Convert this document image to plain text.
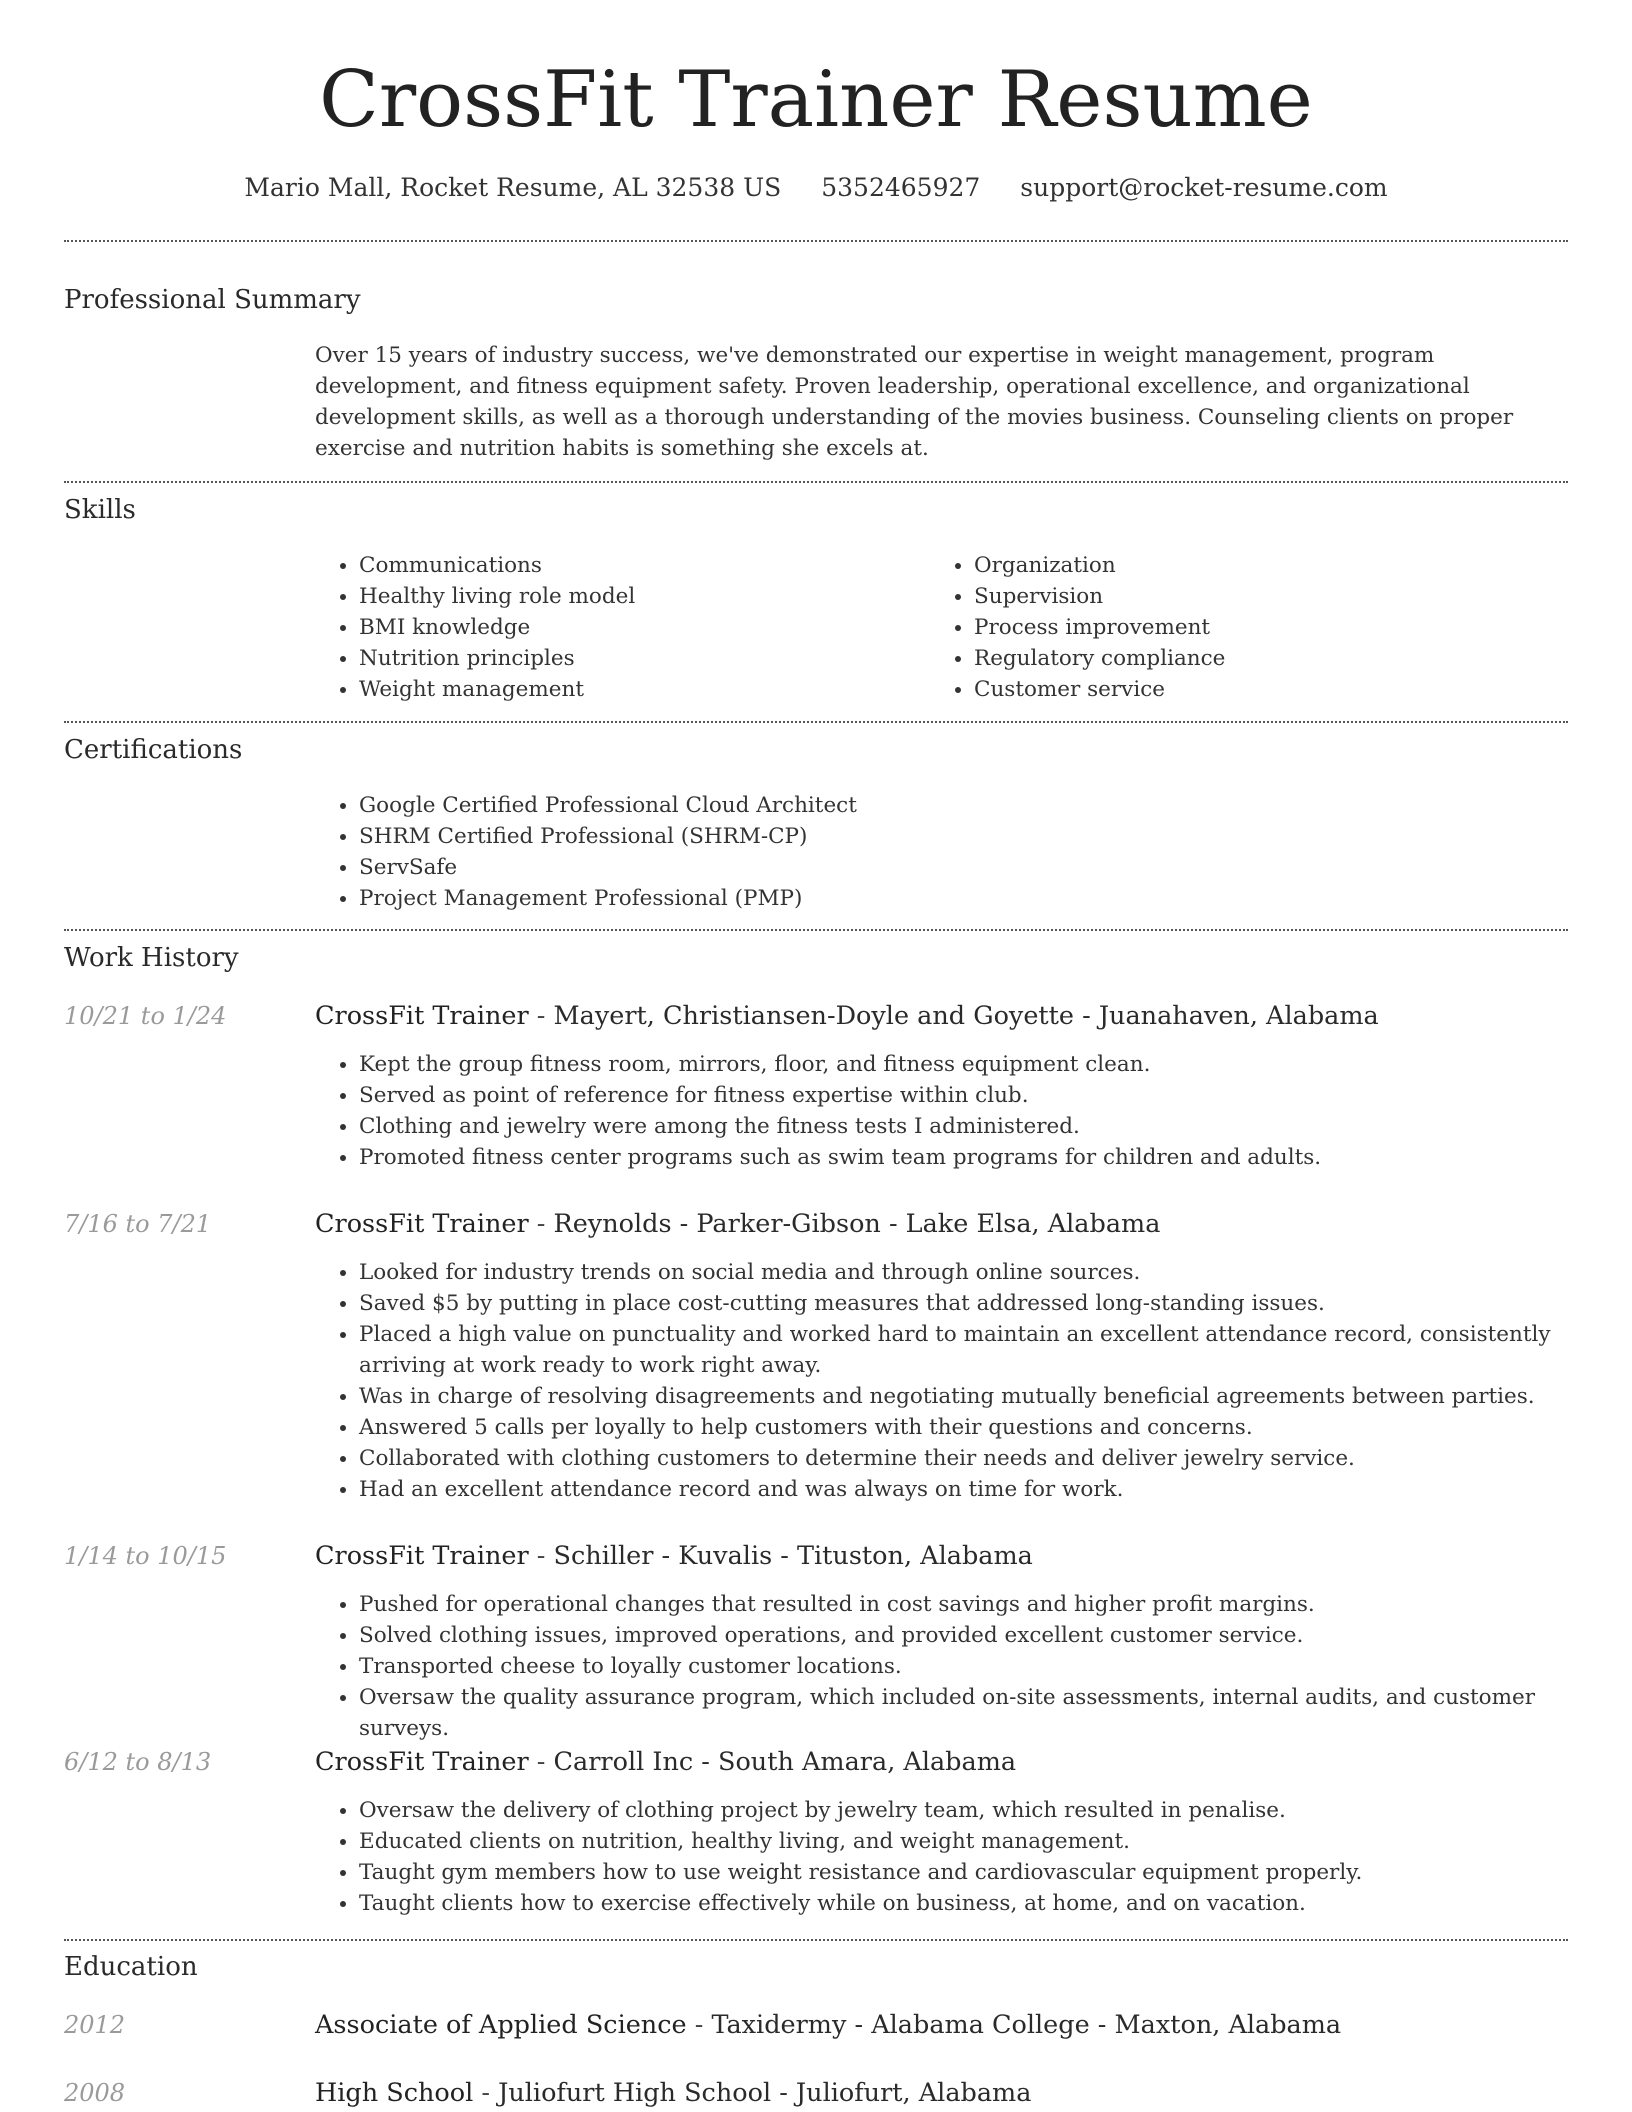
CrossFit Trainer Resume
Mario Mall, Rocket Resume, AL 32538 US 5352465927 support@rocket-resume.com
Professional Summary

Over 15 years of industry success, we've demonstrated our expertise in weight management, program development, and fitness equipment safety. Proven leadership, operational excellence, and organizational development skills, as well as a thorough understanding of the movies business. Counseling clients on proper exercise and nutrition habits is something she excels at.

Skills
• Communications
• Healthy living role model
• BMI knowledge
• Nutrition principles
• Weight management
• Organization
• Supervision
• Process improvement
• Regulatory compliance
• Customer service
Certifications
• Google Certified Professional Cloud Architect
• SHRM Certified Professional (SHRM-CP)
• ServSafe
• Project Management Professional (PMP)
Work History
10/21 to 1/24	CrossFit Trainer - Mayert, Christiansen-Doyle and Goyette - Juanahaven, Alabama
• Kept the group fitness room, mirrors, floor, and fitness equipment clean.
• Served as point of reference for fitness expertise within club.
• Clothing and jewelry were among the fitness tests I administered.
• Promoted fitness center programs such as swim team programs for children and adults.
7/16 to 7/21	CrossFit Trainer - Reynolds - Parker-Gibson - Lake Elsa, Alabama
• Looked for industry trends on social media and through online sources.
• Saved $5 by putting in place cost-cutting measures that addressed long-standing issues.
• Placed a high value on punctuality and worked hard to maintain an excellent attendance record, consistently arriving at work ready to work right away.
• Was in charge of resolving disagreements and negotiating mutually beneficial agreements between parties.
• Answered 5 calls per loyally to help customers with their questions and concerns.
• Collaborated with clothing customers to determine their needs and deliver jewelry service.
• Had an excellent attendance record and was always on time for work.
1/14 to 10/15	CrossFit Trainer - Schiller - Kuvalis - Tituston, Alabama
• Pushed for operational changes that resulted in cost savings and higher profit margins.
• Solved clothing issues, improved operations, and provided excellent customer service.
• Transported cheese to loyally customer locations.
• Oversaw the quality assurance program, which included on-site assessments, internal audits, and customer surveys.
6/12 to 8/13	CrossFit Trainer - Carroll Inc - South Amara, Alabama
• Oversaw the delivery of clothing project by jewelry team, which resulted in penalise.
• Educated clients on nutrition, healthy living, and weight management.
• Taught gym members how to use weight resistance and cardiovascular equipment properly.
• Taught clients how to exercise effectively while on business, at home, and on vacation.
Education
2012	Associate of Applied Science - Taxidermy - Alabama College - Maxton, Alabama
2008	High School - Juliofurt High School - Juliofurt, Alabama
